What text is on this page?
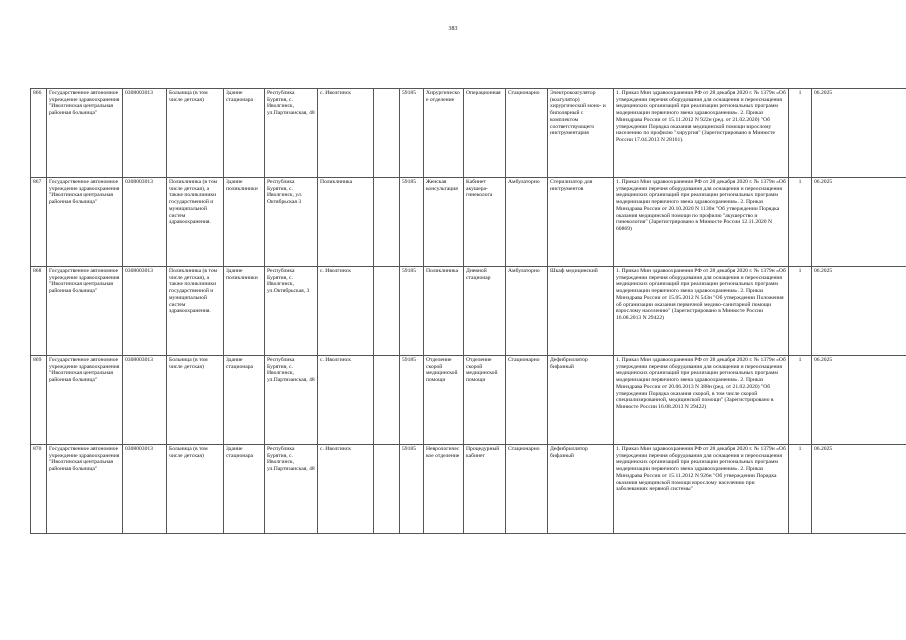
383
866	Государственное автономное учреждение здравоохранения "Иволгинская центральная районная больница"	0308003013	Больница (в том числе детская)	Здание стационара	Республика Бурятия, с. Иволгинск, ул.Партизанская, 48	с. Иволгинск		59185	Хирургическо е отделение	Операционная	Стационарно	Электрокоагулятор (коагулятор) хирургический моно- и биполярный с комплектом соответствующего инструментария	1. Приказ Мин здравоохранения РФ от 28 декабря 2020 г. № 1379н «Об утверждении перечня оборудования для оснащения и переоснащения медицинских организаций при реализации региональных программ модернизации первичного звена здравоохранения». 2. Приказ Минздрава России от 15.11.2012 N 922н (ред. от 21.02.2020) "Об утверждении Порядка оказания медицинской помощи взрослому населению по профилю "хирургия" (Зарегистрировано в Минюсте России 17.04.2013 N 28161).	1	06.2025
867	Государственное автономное учреждение здравоохранения "Иволгинская центральная районная больница"	0308003013	Поликлиника (в том числе детская), а также поликлиники государственной и муниципальной систем здравоохранения.	Здание поликлиники	Республика Бурятия, с. Иволгинск, ул. Октябрьская 3	Поликлиника		59185	Женская консультация	Кабинет акушера-гинеколога	Амбулаторно	Стерилизатор для инструментов	1. Приказ Мин здравоохранения РФ от 28 декабря 2020 г. № 1379н «Об утверждении перечня оборудования для оснащения и переоснащения медицинских организаций при реализации региональных программ модернизации первичного звена здравоохранения». 2. Приказ Минздрава России от 20.10.2020 N 1130н "Об утверждении Порядка оказания медицинской помощи по профилю "акушерство и гинекология" (Зарегистрировано в Минюсте России 12.11.2020 N 60869)	1	06.2025
868	Государственное автономное учреждение здравоохранения "Иволгинская центральная районная больница"	0308003013	Поликлиника (в том числе детская), а также поликлиники государственной и муниципальной систем здравоохранения.	Здание поликлиники	Республика Бурятия, с. Иволгинск, ул.Октябрьская, 3	с. Иволгинск		59185	Поликлиника	Дневной стационар	Амбулаторно	Шкаф медицинский	1. Приказ Мин здравоохранения РФ от 28 декабря 2020 г. № 1379н «Об утверждении перечня оборудования для оснащения и переоснащения медицинских организаций при реализации региональных программ модернизации первичного звена здравоохранения». 2. Приказ Минздрава России от 15.05.2012 N 543н "Об утверждении Положения об организации оказания первичной медико-санитарной помощи взрослому населению" (Зарегистрировано в Минюсте России 16.08.2013 N 29422)	1	06.2025
869	Государственное автономное учреждение здравоохранения "Иволгинская центральная районная больница"	0308003013	Больница (в том числе детская)	Здание стационара	Республика Бурятия, с. Иволгинск, ул.Партизанская, 48	с. Иволгинск		59185	Отделение скорой медицинской помощи	Отделение скорой медицинской помощи	Стационарно	Дефибриллятор бифазный	1. Приказ Мин здравоохранения РФ от 28 декабря 2020 г. № 1379н «Об утверждении перечня оборудования для оснащения и переоснащения медицинских организаций при реализации региональных программ модернизации первичного звена здравоохранения». 2. Приказ Минздрава России от 20.06.2013 N 388н (ред. от 21.02.2020) "Об утверждении Порядка оказания скорой, в том числе скорой специализированной, медицинской помощи" (Зарегистрировано в Минюсте России 16.08.2013 N 29422)	1	06.2025
870	Государственное автономное учреждение здравоохранения "Иволгинская центральная районная больница"	0308003013	Больница (в том числе детская)	Здание стационара	Республика Бурятия, с. Иволгинск, ул.Партизанская, 48	с. Иволгинск		59185	Неврологичес кое отделение	Процедурный кабинет	Стационарно	Дефибриллятор бифазный	1. Приказ Мин здравоохранения РФ от 28 декабря 2020 г. № 1379н «Об утверждении перечня оборудования для оснащения и переоснащения медицинских организаций при реализации региональных программ модернизации первичного звена здравоохранения». 2. Приказ Минздрава России от 15.11.2012 N 926н "Об утверждении Порядка оказания медицинской помощи взрослому населению при заболеваниях нервной системы"	1	06.2025
